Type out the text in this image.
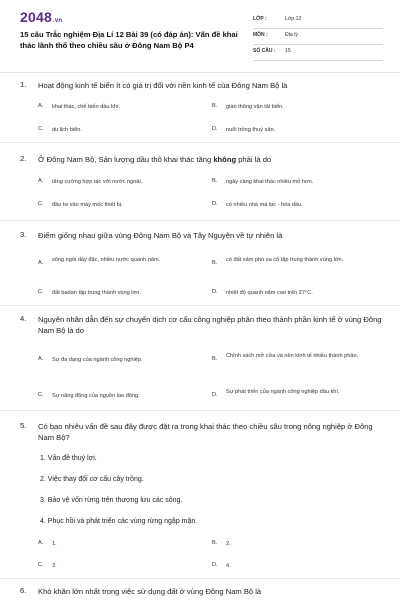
2048.vn
15 câu Trắc nghiệm Địa Lí 12 Bài 39 (có đáp án): Vấn đề khai thác lãnh thổ theo chiều sâu ở Đông Nam Bộ P4
LỚP :	Lớp 12
MÔN :	Địa lý
SỐ CÂU : 15
1. Hoạt động kinh tế biển ít có giá trị đối với nền kinh tế của Đông Nam Bộ là
A. khai thác, chế biến dầu khí.	B. giao thông vận tải biển.
C. du lịch biển.	D. nuôi trồng thuỷ sản.
2. Ở Đông Nam Bộ, Sản lượng dầu thô khai thác tăng không phải là do
A. tăng cường hợp tác với nước ngoài.	B. ngày càng khai thác nhiều mỏ hơn.
C. đầu tư vào máy móc thiết bị.	D. có nhiều nhà má lọc - hóa dầu.
3. Điểm giống nhau giữa vùng Đông Nam Bộ và Tây Nguyên về tự nhiên là
A. sông ngòi dày đặc, nhiều nước quanh năm.	B. có đất xám phù sa cổ tập trung thành vùng lớn.
C. đất badan tập trung thành vùng lớn.	D. nhiệt độ quanh năm cao trên 27°C.
4. Nguyên nhân dẫn đến sự chuyển dịch cơ cấu công nghiệp phân theo thành phần kinh tế ở vùng Đông Nam Bộ là do
A. Sự đa dạng của ngành công nghiệp.	B. Chính sách mở cửa và nền kinh tế nhiều thành phần.
C. Sự năng động của nguồn lao động.	D. Sự phát triển của ngành công nghiệp dầu khí.
5. Có bao nhiêu vấn đề sau đây được đặt ra trong khai thác theo chiều sâu trong nông nghiệp ở Đông Nam Bộ?
1. Vấn đề thuỷ lợi.
2. Việc thay đổi cơ cấu cây trồng.
3. Bảo vệ vốn rừng trên thượng lưu các sông.
4. Phục hồi và phát triển các vùng rừng ngập mặn.
A. 1.	B. 2.
C. 3.	D. 4.
6. Khó khăn lớn nhất trong việc sử dụng đất ở vùng Đông Nam Bộ là
